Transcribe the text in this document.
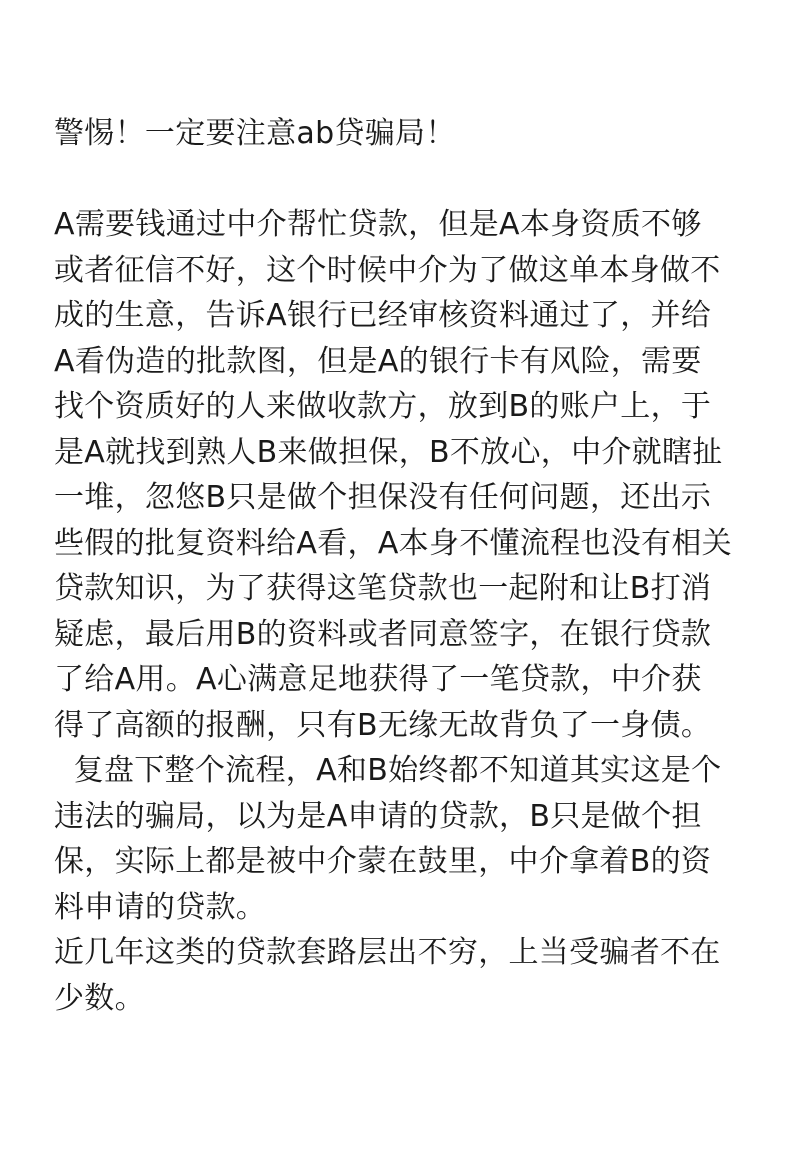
警惕！一定要注意ab贷骗局！
A需要钱通过中介帮忙贷款，但是A本身资质不够
或者征信不好，这个时候中介为了做这单本身做不
成的生意，告诉A银行已经审核资料通过了，并给
A看伪造的批款图，但是A的银行卡有风险，需要
找个资质好的人来做收款方，放到B的账户上，于
是A就找到熟人B来做担保，B不放心，中介就瞎扯
一堆，忽悠B只是做个担保没有任何问题，还出示
些假的批复资料给A看，A本身不懂流程也没有相关
贷款知识，为了获得这笔贷款也一起附和让B打消
疑虑，最后用B的资料或者同意签字，在银行贷款
了给A用。A心满意足地获得了一笔贷款，中介获
得了高额的报酬，只有B无缘无故背负了一身债。
复盘下整个流程，A和B始终都不知道其实这是个
违法的骗局，以为是A申请的贷款，B只是做个担
保，实际上都是被中介蒙在鼓里，中介拿着B的资
料申请的贷款。
近几年这类的贷款套路层出不穷，上当受骗者不在
少数。
